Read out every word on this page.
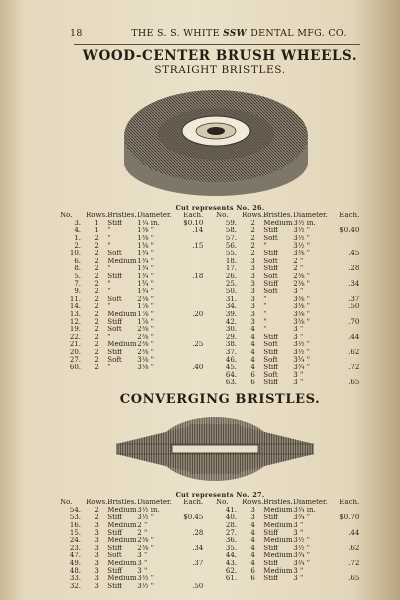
18	THE S. S. WHITE SSW DENTAL MFG. CO.
WOOD-CENTER BRUSH WHEELS.
STRAIGHT BRISTLES.
Cut represents No. 26.
No.	Rows.	Bristles.	Diameter.	Each.
3.	1	Stiff	1¼ in.	$0.10
4.	1	"	1⅜ "	.14
1.	2	"	1⅜ "	
2.	2	"	1⅜ "	.15
10.	2	Soft	1¾ "	
6.	2	Medium	1¾ "	
8.	2	"	1¾ "	
5.	2	Stiff	1¾ "	.18
7.	2	"	1¾ "	
9.	2	"	1¾ "	
11.	2	Soft	2⅛ "	
14.	2	"	1⅞ "	
13.	2	Medium	1⅞ "	.20
12.	2	Stiff	1⅞ "	
19.	2	Soft	2⅜ "	
22.	2	"	2⅜ "	
21.	2	Medium	2⅜ "	.25
20.	2	Stiff	2⅜ "	
27.	2	Soft	3⅛ "	
60.	2	"	3⅛ "	.40
No.	Rows.	Bristles.	Diameter.	Each.
59.	2	Medium	3½ in.	
58.	2	Stiff	3½ "	$0.40
57.	2	Soft	3½ "	
56.	2	"	3½ "	
55.	2	Stiff	3⅜ "	.45
18.	3	Soft	2 "	
17.	3	Stiff	2 "	.28
26.	3	Soft	2⅜ "	
25.	3	Stiff	2⅜ "	.34
50.	3	Soft	3 "	
31.	3	"	3⅜ "	.37
34.	3	"	3⅜ "	.50
39.	3	"	3⅜ "	
42.	3	"	3⅜ "	.70
30.	4	"	3 "	
29.	4	Stiff	3 "	.44
38.	4	Soft	3½ "	
37.	4	Stiff	3½ "	.62
46.	4	Soft	3¾ "	
45.	4	Stiff	3¾ "	.72
64.	6	Soft	3 "	
63.	6	Stiff	3 "	.65
CONVERGING BRISTLES.
Cut represents No. 27.
No.	Rows.	Bristles.	Diameter.	Each.
54.	2	Medium	3½ in.	
53.	2	Stiff	3½ "	$0.45
16.	3	Medium	2 "	
15.	3	Stiff	2 "	.28
24.	3	Medium	2⅜ "	
23.	3	Stiff	2⅜ "	.34
47.	3	Soft	3 "	
49.	3	Medium	3 "	.37
48.	3	Stiff	3 "	
33.	3	Medium	3½ "	
32.	3	Stiff	3½ "	.50
No.	Rows.	Bristles.	Diameter.	Each.
41.	3	Medium	3¾ in.	
40.	3	Stiff	3¾ "	$0.70
28.	4	Medium	3 "	
27.	4	Stiff	3 "	.44
36.	4	Medium	3½ "	
35.	4	Stiff	3½ "	.62
44.	4	Medium	3¾ "	
43.	4	Stiff	3¾ "	.72
62.	6	Medium	3 "	
61.	6	Stiff	3 "	.65
